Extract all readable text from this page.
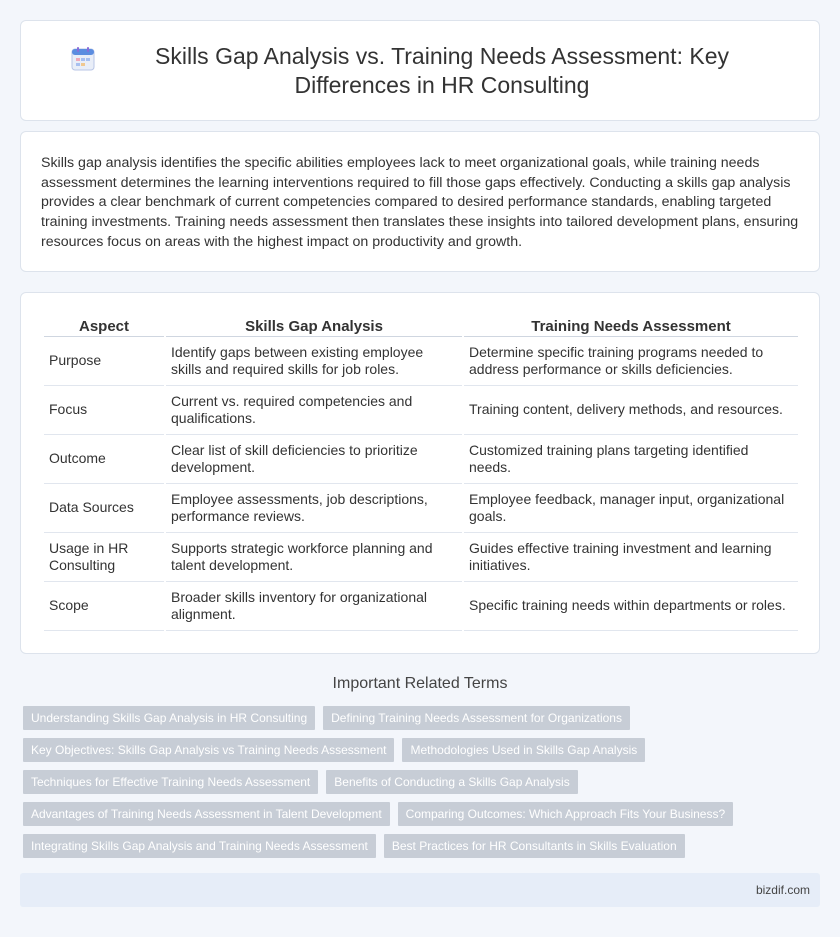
Skills Gap Analysis vs. Training Needs Assessment: Key Differences in HR Consulting

Skills gap analysis identifies the specific abilities employees lack to meet organizational goals, while training needs assessment determines the learning interventions required to fill those gaps effectively. Conducting a skills gap analysis provides a clear benchmark of current competencies compared to desired performance standards, enabling targeted training investments. Training needs assessment then translates these insights into tailored development plans, ensuring resources focus on areas with the highest impact on productivity and growth.

Aspect	Skills Gap Analysis	Training Needs Assessment
Purpose	Identify gaps between existing employee skills and required skills for job roles.	Determine specific training programs needed to address performance or skills deficiencies.
Focus	Current vs. required competencies and qualifications.	Training content, delivery methods, and resources.
Outcome	Clear list of skill deficiencies to prioritize development.	Customized training plans targeting identified needs.
Data Sources	Employee assessments, job descriptions, performance reviews.	Employee feedback, manager input, organizational goals.
Usage in HR Consulting	Supports strategic workforce planning and talent development.	Guides effective training investment and learning initiatives.
Scope	Broader skills inventory for organizational alignment.	Specific training needs within departments or roles.
Important Related Terms
Understanding Skills Gap Analysis in HR Consulting	Defining Training Needs Assessment for Organizations
Key Objectives: Skills Gap Analysis vs Training Needs Assessment	Methodologies Used in Skills Gap Analysis
Techniques for Effective Training Needs Assessment	Benefits of Conducting a Skills Gap Analysis
Advantages of Training Needs Assessment in Talent Development	Comparing Outcomes: Which Approach Fits Your Business?
Integrating Skills Gap Analysis and Training Needs Assessment	Best Practices for HR Consultants in Skills Evaluation
bizdif.com
